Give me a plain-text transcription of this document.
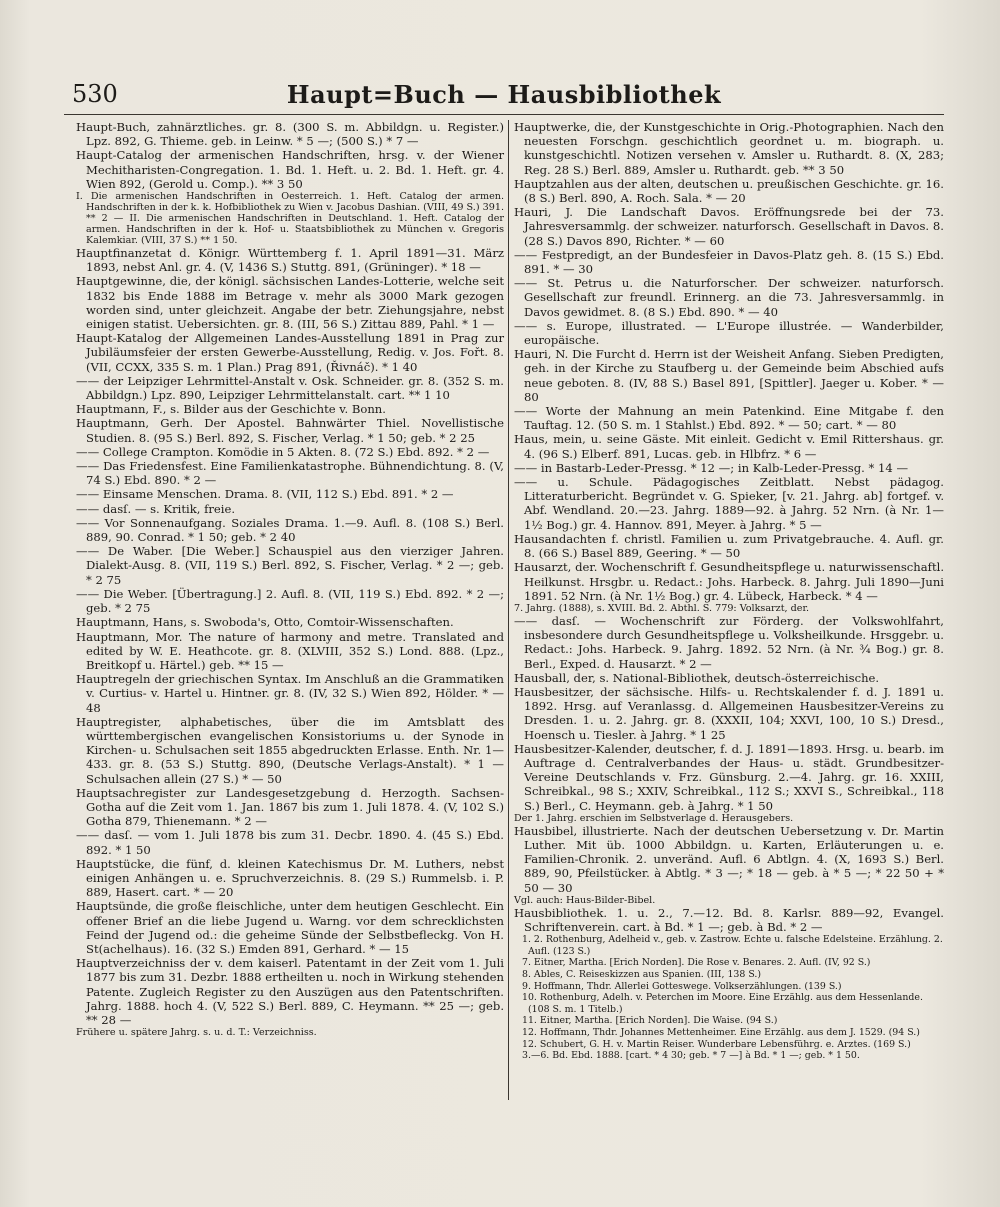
530	Haupt=Buch — Hausbibliothek
Haupt-Buch, zahnärztliches. gr. 8. (300 S. m. Abbildgn. u. Register.) Lpz. 892, G. Thieme. geb. in Leinw. * 5 —; (500 S.) * 7 —
Haupt-Catalog der armenischen Handschriften, hrsg. v. der Wiener Mechitharisten-Congregation. 1. Bd. 1. Heft. u. 2. Bd. 1. Heft. gr. 4. Wien 892, (Gerold u. Comp.). ** 3 50
I. Die armenischen Handschriften in Oesterreich. 1. Heft. Catalog der armen. Handschriften in der k. k. Hofbibliothek zu Wien v. Jacobus Dashian. (VIII, 49 S.) 391. ** 2 — II. Die armenischen Handschriften in Deutschland. 1. Heft. Catalog der armen. Handschriften in der k. Hof- u. Staatsbibliothek zu München v. Gregoris Kalemkiar. (VIII, 37 S.) ** 1 50.
Hauptfinanzetat d. Königr. Württemberg f. 1. April 1891—31. März 1893, nebst Anl. gr. 4. (V, 1436 S.) Stuttg. 891, (Grüninger). * 18 —
Hauptgewinne, die, der königl. sächsischen Landes-Lotterie, welche seit 1832 bis Ende 1888 im Betrage v. mehr als 3000 Mark gezogen worden sind, unter gleichzeit. Angabe der betr. Ziehungsjahre, nebst einigen statist. Uebersichten. gr. 8. (III, 56 S.) Zittau 889, Pahl. * 1 —
Haupt-Katalog der Allgemeinen Landes-Ausstellung 1891 in Prag zur Jubiläumsfeier der ersten Gewerbe-Ausstellung, Redig. v. Jos. Fořt. 8. (VII, CCXX, 335 S. m. 1 Plan.) Prag 891, (Řivnáč). * 1 40
—— der Leipziger Lehrmittel-Anstalt v. Osk. Schneider. gr. 8. (352 S. m. Abbildgn.) Lpz. 890, Leipziger Lehrmittelanstalt. cart. ** 1 10
Hauptmann, F., s. Bilder aus der Geschichte v. Bonn.
Hauptmann, Gerh. Der Apostel. Bahnwärter Thiel. Novellistische Studien. 8. (95 S.) Berl. 892, S. Fischer, Verlag. * 1 50; geb. * 2 25
—— College Crampton. Komödie in 5 Akten. 8. (72 S.) Ebd. 892. * 2 —
—— Das Friedensfest. Eine Familienkatastrophe. Bühnendichtung. 8. (V, 74 S.) Ebd. 890. * 2 —
—— Einsame Menschen. Drama. 8. (VII, 112 S.) Ebd. 891. * 2 —
—— dasſ. — s. Kritik, freie.
—— Vor Sonnenaufgang. Soziales Drama. 1.—9. Aufl. 8. (108 S.) Berl. 889, 90. Conrad. * 1 50; geb. * 2 40
—— De Waber. [Die Weber.] Schauspiel aus den vierziger Jahren. Dialekt-Ausg. 8. (VII, 119 S.) Berl. 892, S. Fischer, Verlag. * 2 —; geb. * 2 75
—— Die Weber. [Übertragung.] 2. Aufl. 8. (VII, 119 S.) Ebd. 892. * 2 —; geb. * 2 75
Hauptmann, Hans, s. Swoboda's, Otto, Comtoir-Wissenschaften.
Hauptmann, Mor. The nature of harmony and metre. Translated and edited by W. E. Heathcote. gr. 8. (XLVIII, 352 S.) Lond. 888. (Lpz., Breitkopf u. Härtel.) geb. ** 15 —
Hauptregeln der griechischen Syntax. Im Anschluß an die Grammatiken v. Curtius- v. Hartel u. Hintner. gr. 8. (IV, 32 S.) Wien 892, Hölder. * — 48
Hauptregister, alphabetisches, über die im Amtsblatt des württembergischen evangelischen Konsistoriums u. der Synode in Kirchen- u. Schulsachen seit 1855 abgedruckten Erlasse. Enth. Nr. 1—433. gr. 8. (53 S.) Stuttg. 890, (Deutsche Verlags-Anstalt). * 1 — Schulsachen allein (27 S.) * — 50
Hauptsachregister zur Landesgesetzgebung d. Herzogth. Sachsen-Gotha auf die Zeit vom 1. Jan. 1867 bis zum 1. Juli 1878. 4. (V, 102 S.) Gotha 879, Thienemann. * 2 —
—— dasſ. — vom 1. Juli 1878 bis zum 31. Decbr. 1890. 4. (45 S.) Ebd. 892. * 1 50
Hauptstücke, die fünf, d. kleinen Katechismus Dr. M. Luthers, nebst einigen Anhängen u. e. Spruchverzeichnis. 8. (29 S.) Rummelsb. i. P. 889, Hasert. cart. * — 20
Hauptsünde, die große fleischliche, unter dem heutigen Geschlecht. Ein offener Brief an die liebe Jugend u. Warng. vor dem schrecklichsten Feind der Jugend od.: die geheime Sünde der Selbstbefleckg. Von H. St(achelhaus). 16. (32 S.) Emden 891, Gerhard. * — 15
Hauptverzeichniss der v. dem kaiserl. Patentamt in der Zeit vom 1. Juli 1877 bis zum 31. Dezbr. 1888 ertheilten u. noch in Wirkung stehenden Patente. Zugleich Register zu den Auszügen aus den Patentschriften. Jahrg. 1888. hoch 4. (V, 522 S.) Berl. 889, C. Heymann. ** 25 —; geb. ** 28 —
Frühere u. spätere Jahrg. s. u. d. T.: Verzeichniss.
Hauptwerke, die, der Kunstgeschichte in Orig.-Photographien. Nach den neuesten Forschgn. geschichtlich geordnet u. m. biograph. u. kunstgeschichtl. Notizen versehen v. Amsler u. Ruthardt. 8. (X, 283; Reg. 28 S.) Berl. 889, Amsler u. Ruthardt. geb. ** 3 50
Hauptzahlen aus der alten, deutschen u. preußischen Geschichte. gr. 16. (8 S.) Berl. 890, A. Roch. Sala. * — 20
Hauri, J. Die Landschaft Davos. Eröffnungsrede bei der 73. Jahresversammlg. der schweizer. naturforsch. Gesellschaft in Davos. 8. (28 S.) Davos 890, Richter. * — 60
—— Festpredigt, an der Bundesfeier in Davos-Platz geh. 8. (15 S.) Ebd. 891. * — 30
—— St. Petrus u. die Naturforscher. Der schweizer. naturforsch. Gesellschaft zur freundl. Erinnerg. an die 73. Jahresversammlg. in Davos gewidmet. 8. (8 S.) Ebd. 890. * — 40
—— s. Europe, illustrated. — L'Europe illustrée. — Wanderbilder, europäische.
Hauri, N. Die Furcht d. Herrn ist der Weisheit Anfang. Sieben Predigten, geh. in der Kirche zu Staufberg u. der Gemeinde beim Abschied aufs neue geboten. 8. (IV, 88 S.) Basel 891, [Spittler]. Jaeger u. Kober. * — 80
—— Worte der Mahnung an mein Patenkind. Eine Mitgabe f. den Tauftag. 12. (50 S. m. 1 Stahlst.) Ebd. 892. * — 50; cart. * — 80
Haus, mein, u. seine Gäste. Mit einleit. Gedicht v. Emil Rittershaus. gr. 4. (96 S.) Elberf. 891, Lucas. geb. in Hlbfrz. * 6 —
—— in Bastarb-Leder-Pressg. * 12 —; in Kalb-Leder-Pressg. * 14 —
—— u. Schule. Pädagogisches Zeitblatt. Nebst pädagog. Litteraturbericht. Begründet v. G. Spieker, [v. 21. Jahrg. ab] fortgef. v. Abf. Wendland. 20.—23. Jahrg. 1889—92. à Jahrg. 52 Nrn. (à Nr. 1—1½ Bog.) gr. 4. Hannov. 891, Meyer. à Jahrg. * 5 —
Hausandachten f. christl. Familien u. zum Privatgebrauche. 4. Aufl. gr. 8. (66 S.) Basel 889, Geering. * — 50
Hausarzt, der. Wochenschrift f. Gesundheitspflege u. naturwissenschaftl. Heilkunst. Hrsgbr. u. Redact.: Johs. Harbeck. 8. Jahrg. Juli 1890—Juni 1891. 52 Nrn. (à Nr. 1½ Bog.) gr. 4. Lübeck, Harbeck. * 4 —
7. Jahrg. (1888), s. XVIII. Bd. 2. Abthl. S. 779: Volksarzt, der.
—— dasſ. — Wochenschrift zur Förderg. der Volkswohlfahrt, insbesondere durch Gesundheitspflege u. Volksheilkunde. Hrsggebr. u. Redact.: Johs. Harbeck. 9. Jahrg. 1892. 52 Nrn. (à Nr. ¾ Bog.) gr. 8. Berl., Exped. d. Hausarzt. * 2 —
Hausball, der, s. National-Bibliothek, deutsch-österreichische.
Hausbesitzer, der sächsische. Hilfs- u. Rechtskalender f. d. J. 1891 u. 1892. Hrsg. auf Veranlassg. d. Allgemeinen Hausbesitzer-Vereins zu Dresden. 1. u. 2. Jahrg. gr. 8. (XXXII, 104; XXVI, 100, 10 S.) Dresd., Hoensch u. Tiesler. à Jahrg. * 1 25
Hausbesitzer-Kalender, deutscher, f. d. J. 1891—1893. Hrsg. u. bearb. im Auftrage d. Centralverbandes der Haus- u. städt. Grundbesitzer-Vereine Deutschlands v. Frz. Günsburg. 2.—4. Jahrg. gr. 16. XXIII, Schreibkal., 98 S.; XXIV, Schreibkal., 112 S.; XXVI S., Schreibkal., 118 S.) Berl., C. Heymann. geb. à Jahrg. * 1 50
Der 1. Jahrg. erschien im Selbstverlage d. Herausgebers.
Hausbibel, illustrierte. Nach der deutschen Uebersetzung v. Dr. Martin Luther. Mit üb. 1000 Abbildgn. u. Karten, Erläuterungen u. e. Familien-Chronik. 2. unveränd. Aufl. 6 Abtlgn. 4. (X, 1693 S.) Berl. 889, 90, Pfeilstücker. à Abtlg. * 3 —; * 18 — geb. à * 5 —; * 22 50 + * 50 — 30
Vgl. auch: Haus-Bilder-Bibel.
Hausbibliothek. 1. u. 2., 7.—12. Bd. 8. Karlsr. 889—92, Evangel. Schriftenverein. cart. à Bd. * 1 —; geb. à Bd. * 2 —
1. 2. Rothenburg, Adelheid v., geb. v. Zastrow. Echte u. falsche Edelsteine. Erzählung. 2. Aufl. (123 S.)
7. Eitner, Martha. [Erich Norden]. Die Rose v. Benares. 2. Aufl. (IV, 92 S.)
8. Ables, C. Reiseskizzen aus Spanien. (III, 138 S.)
9. Hoffmann, Thdr. Allerlei Gotteswege. Volkserzählungen. (139 S.)
10. Rothenburg, Adelh. v. Peterchen im Moore. Eine Erzählg. aus dem Hessenlande. (108 S. m. 1 Titelb.)
11. Eitner, Martha. [Erich Norden]. Die Waise. (94 S.)
12. Hoffmann, Thdr. Johannes Mettenheimer. Eine Erzählg. aus dem J. 1529. (94 S.)
12. Schubert, G. H. v. Martin Reiser. Wunderbare Lebensführg. e. Arztes. (169 S.)
3.—6. Bd. Ebd. 1888. [cart. * 4 30; geb. * 7 —] à Bd. * 1 —; geb. * 1 50.
